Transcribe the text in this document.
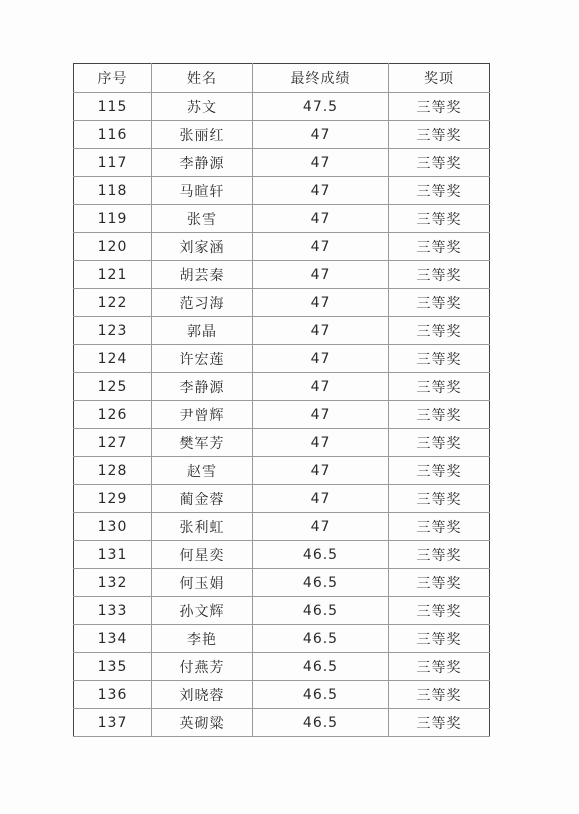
序号	姓名	最终成绩	奖项
115	苏文	47.5	三等奖
116	张丽红	47	三等奖
117	李静源	47	三等奖
118	马暄轩	47	三等奖
119	张雪	47	三等奖
120	刘家涵	47	三等奖
121	胡芸秦	47	三等奖
122	范习海	47	三等奖
123	郭晶	47	三等奖
124	许宏莲	47	三等奖
125	李静源	47	三等奖
126	尹曾辉	47	三等奖
127	樊军芳	47	三等奖
128	赵雪	47	三等奖
129	蔺金蓉	47	三等奖
130	张利虹	47	三等奖
131	何星奕	46.5	三等奖
132	何玉娟	46.5	三等奖
133	孙文辉	46.5	三等奖
134	李艳	46.5	三等奖
135	付燕芳	46.5	三等奖
136	刘晓蓉	46.5	三等奖
137	英砌粱	46.5	三等奖
